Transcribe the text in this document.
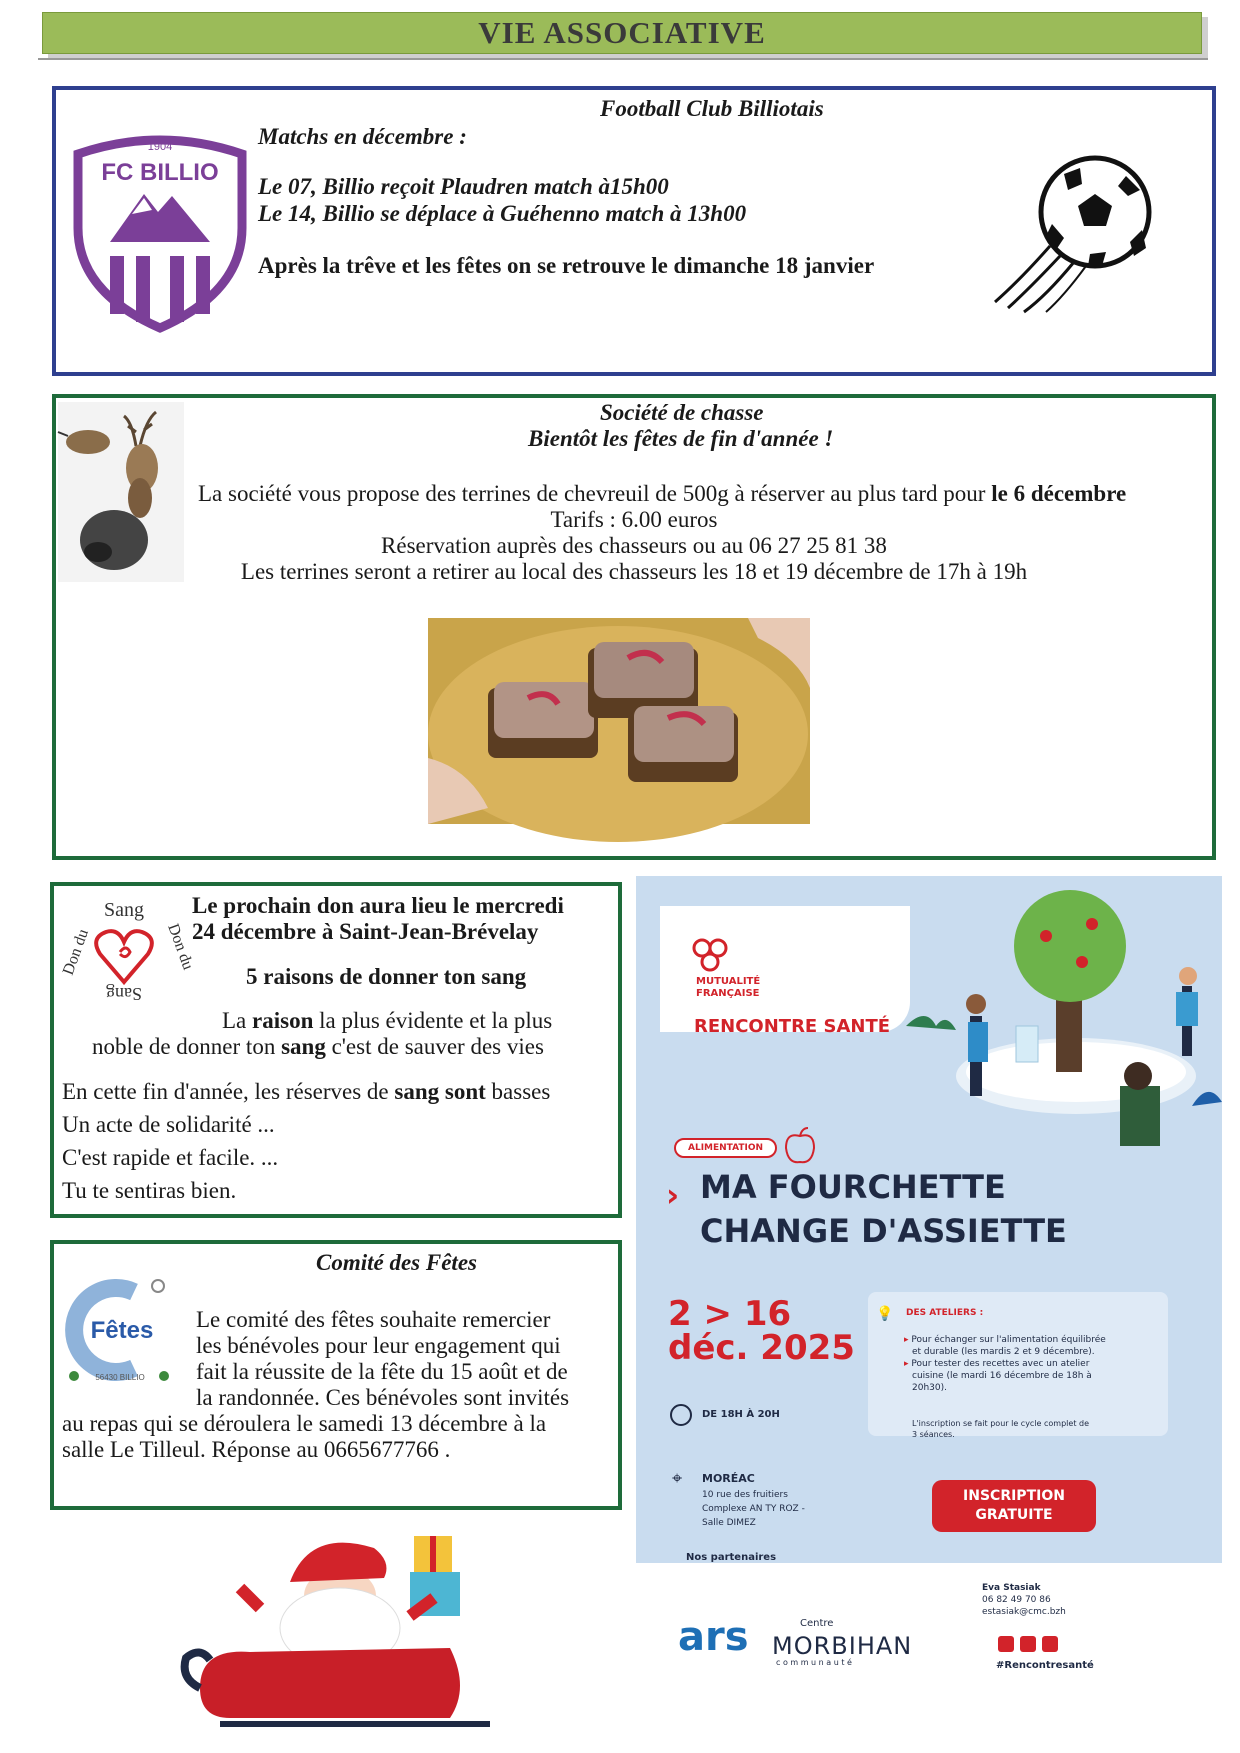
VIE ASSOCIATIVE
1904
FC BILLIO
Football Club Billiotais
Matchs en décembre :
Le 07, Billio reçoit Plaudren match à15h00
Le 14, Billio se déplace à Guéhenno match à 13h00
Après la trêve et les fêtes on se retrouve le dimanche 18 janvier
Société de chasse
Bientôt les fêtes de fin d'année !
La société vous propose des terrines de chevreuil de 500g à réserver au plus tard pour le 6 décembre
Tarifs : 6.00 euros
Réservation auprès des chasseurs ou au 06 27 25 81 38
Les terrines seront a retirer au local des chasseurs les 18 et 19 décembre de 17h à 19h
Sang
Don du	Don du
Sang
Le prochain don aura lieu le mercredi
24 décembre à Saint-Jean-Brévelay
5 raisons de donner ton sang
La raison la plus évidente et la plus
noble de donner ton sang c'est de sauver des vies
En cette fin d'année, les réserves de sang sont basses
Un acte de solidarité ...
C'est rapide et facile. ...
Tu te sentiras bien.
Fêtes
56430 BILLIO
Comité des Fêtes
Le comité des fêtes souhaite remercier
les bénévoles pour leur engagement qui
fait la réussite de la fête du 15 août et de
la randonnée. Ces bénévoles sont invités
au repas qui se déroulera le samedi 13 décembre à la
salle Le Tilleul. Réponse au 0665677766 .
MUTUALITÉ
FRANÇAISE
RENCONTRE SANTÉ
ALIMENTATION
› MA FOURCHETTE
CHANGE D'ASSIETTE
2 > 16
déc. 2025
💡 DES ATELIERS :
▸ Pour échanger sur l'alimentation équilibrée
et durable (les mardis 2 et 9 décembre).
▸ Pour tester des recettes avec un atelier
cuisine (le mardi 16 décembre de 18h à
20h30).
L'inscription se fait pour le cycle complet de
3 séances.
DE 18H À 20H
⌖ MORÉAC
10 rue des fruitiers
Complexe AN TY ROZ -
Salle DIMEZ
INSCRIPTION
GRATUITE
Nos partenaires
Eva Stasiak
06 82 49 70 86
estasiak@cmc.bzh
ars	Centre
MORBIHAN
c o m m u n a u t é	#Rencontresanté
